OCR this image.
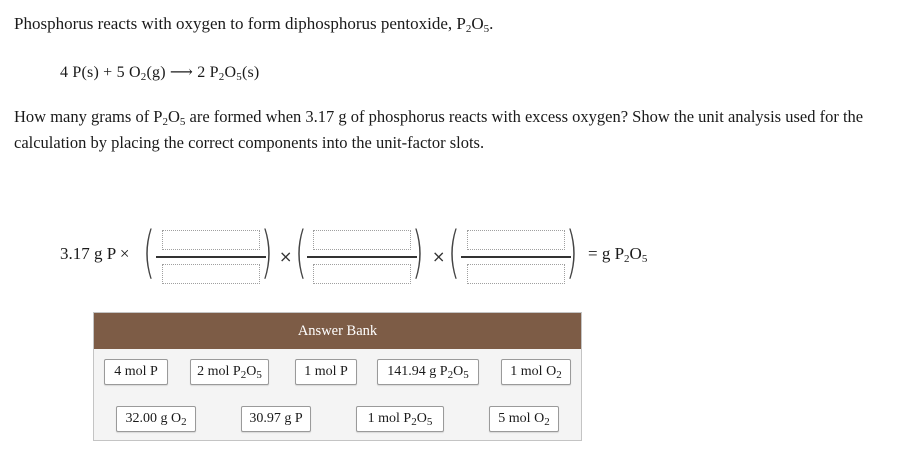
Phosphorus reacts with oxygen to form diphosphorus pentoxide, $P_2O_5$.
4 P(s) + 5 $O_2(g)$ ⟶ 2 $P_2O_5(s)$
How many grams of $P_2O_5$ are formed when 3.17 g of phosphorus reacts with excess oxygen? Show the unit analysis used for the calculation by placing the correct components into the unit-factor slots.
3.17 g P × ( ) × ( ) × ( ) = g $P_2O_5$
Answer Bank
4 mol P	2 mol $P_2O_5$	1 mol P	141.94 g $P_2O_5$	1 mol $O_2$
32.00 g $O_2$	30.97 g P	1 mol $P_2O_5$	5 mol $O_2$
